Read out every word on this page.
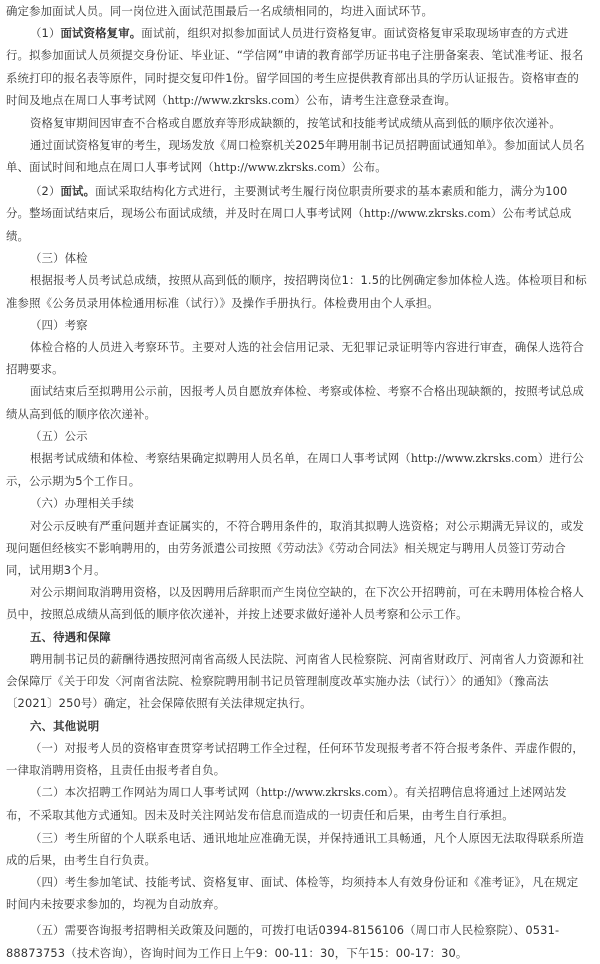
确定参加面试人员。同一岗位进入面试范围最后一名成绩相同的，均进入面试环节。

（1）面试资格复审。面试前，组织对拟参加面试人员进行资格复审。面试资格复审采取现场审查的方式进行。拟参加面试人员须提交身份证、毕业证、“学信网”申请的教育部学历证书电子注册备案表、笔试准考证、报名系统打印的报名表等原件，同时提交复印件1份。留学回国的考生应提供教育部出具的学历认证报告。资格审查的时间及地点在周口人事考试网（http://www.zkrsks.com）公布，请考生注意登录查询。

资格复审期间因审查不合格或自愿放弃等形成缺额的，按笔试和技能考试成绩从高到低的顺序依次递补。

通过面试资格复审的考生，现场发放《周口检察机关2025年聘用制书记员招聘面试通知单》。参加面试人员名单、面试时间和地点在周口人事考试网（http://www.zkrsks.com）公布。

（2）面试。面试采取结构化方式进行，主要测试考生履行岗位职责所要求的基本素质和能力，满分为100分。整场面试结束后，现场公布面试成绩，并及时在周口人事考试网（http://www.zkrsks.com）公布考试总成绩。

（三）体检

根据报考人员考试总成绩，按照从高到低的顺序，按招聘岗位1：1.5的比例确定参加体检人选。体检项目和标准参照《公务员录用体检通用标准（试行）》及操作手册执行。体检费用由个人承担。

（四）考察

体检合格的人员进入考察环节。主要对人选的社会信用记录、无犯罪记录证明等内容进行审查，确保人选符合招聘要求。

面试结束后至拟聘用公示前，因报考人员自愿放弃体检、考察或体检、考察不合格出现缺额的，按照考试总成绩从高到低的顺序依次递补。

（五）公示

根据考试成绩和体检、考察结果确定拟聘用人员名单，在周口人事考试网（http://www.zkrsks.com）进行公示，公示期为5个工作日。

（六）办理相关手续

对公示反映有严重问题并查证属实的，不符合聘用条件的，取消其拟聘人选资格；对公示期满无异议的，或发现问题但经核实不影响聘用的，由劳务派遣公司按照《劳动法》《劳动合同法》相关规定与聘用人员签订劳动合同，试用期3个月。

对公示期间取消聘用资格，以及因聘用后辞职而产生岗位空缺的，在下次公开招聘前，可在未聘用体检合格人员中，按照总成绩从高到低的顺序依次递补，并按上述要求做好递补人员考察和公示工作。

五、待遇和保障

聘用制书记员的薪酬待遇按照河南省高级人民法院、河南省人民检察院、河南省财政厅、河南省人力资源和社会保障厅《关于印发〈河南省法院、检察院聘用制书记员管理制度改革实施办法（试行）〉的通知》（豫高法〔2021〕250号）确定，社会保障依照有关法律规定执行。

六、其他说明

（一）对报考人员的资格审查贯穿考试招聘工作全过程，任何环节发现报考者不符合报考条件、弄虚作假的，一律取消聘用资格，且责任由报考者自负。

（二）本次招聘工作网站为周口人事考试网（http://www.zkrsks.com）。有关招聘信息将通过上述网站发布，不采取其他方式通知。因未及时关注网站发布信息而造成的一切责任和后果，由考生自行承担。

（三）考生所留的个人联系电话、通讯地址应准确无误，并保持通讯工具畅通，凡个人原因无法取得联系所造成的后果，由考生自行负责。

（四）考生参加笔试、技能考试、资格复审、面试、体检等，均须持本人有效身份证和《准考证》，凡在规定时间内未按要求参加的，均视为自动放弃。

（五）需要咨询报考招聘相关政策及问题的，可拨打电话0394-8156106（周口市人民检察院）、0531-88873753（技术咨询），咨询时间为工作日上午9：00-11：30，下午15：00-17：30。
